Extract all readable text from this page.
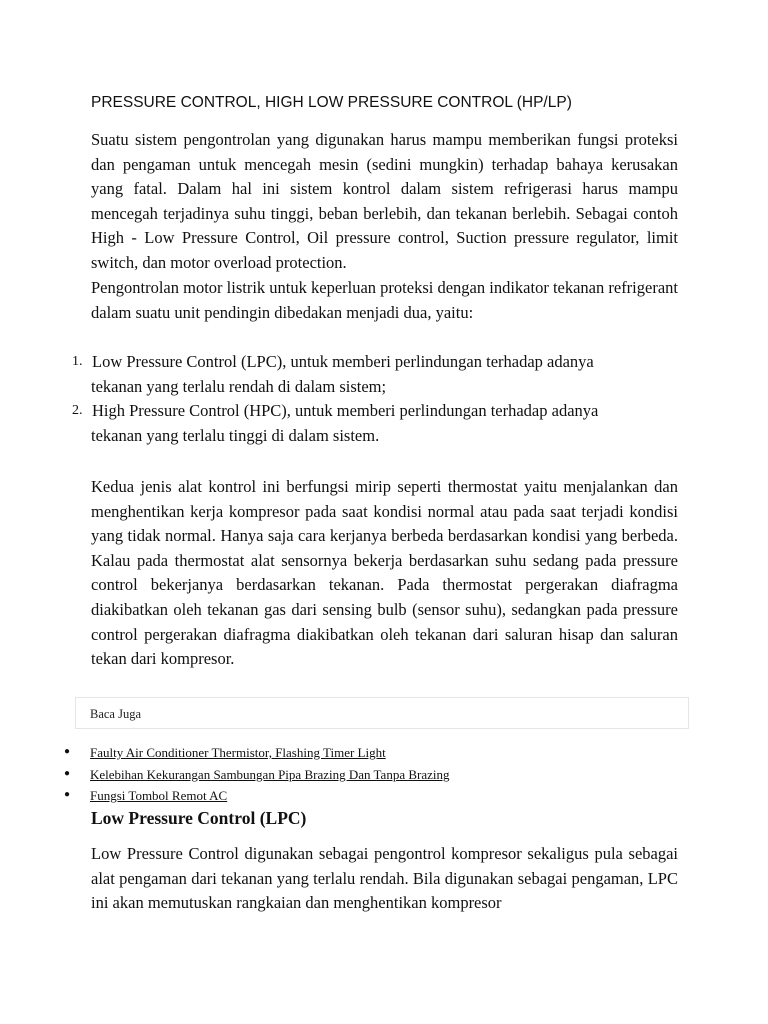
PRESSURE CONTROL, HIGH LOW PRESSURE CONTROL (HP/LP)

Suatu sistem pengontrolan yang digunakan harus mampu memberikan fungsi proteksi dan pengaman untuk mencegah mesin (sedini mungkin) terhadap bahaya kerusakan yang fatal. Dalam hal ini sistem kontrol dalam sistem refrigerasi harus mampu mencegah terjadinya suhu tinggi, beban berlebih, dan tekanan berlebih. Sebagai contoh High - Low Pressure Control, Oil pressure control, Suction pressure regulator, limit switch, dan motor overload protection.

Pengontrolan motor listrik untuk keperluan proteksi dengan indikator tekanan refrigerant dalam suatu unit pendingin dibedakan menjadi dua, yaitu:

1. Low Pressure Control (LPC), untuk memberi perlindungan terhadap adanya
tekanan yang terlalu rendah di dalam sistem;
2. High Pressure Control (HPC), untuk memberi perlindungan terhadap adanya
tekanan yang terlalu tinggi di dalam sistem.

Kedua jenis alat kontrol ini berfungsi mirip seperti thermostat yaitu menjalankan dan menghentikan kerja kompresor pada saat kondisi normal atau pada saat terjadi kondisi yang tidak normal. Hanya saja cara kerjanya berbeda berdasarkan kondisi yang berbeda. Kalau pada thermostat alat sensornya bekerja berdasarkan suhu sedang pada pressure control bekerjanya berdasarkan tekanan. Pada thermostat pergerakan diafragma diakibatkan oleh tekanan gas dari sensing bulb (sensor suhu), sedangkan pada pressure control pergerakan diafragma diakibatkan oleh tekanan dari saluran hisap dan saluran tekan dari kompresor.

Baca Juga
● Faulty Air Conditioner Thermistor, Flashing Timer Light
● Kelebihan Kekurangan Sambungan Pipa Brazing Dan Tanpa Brazing
● Fungsi Tombol Remot AC
Low Pressure Control (LPC)

Low Pressure Control digunakan sebagai pengontrol kompresor sekaligus pula sebagai alat pengaman dari tekanan yang terlalu rendah. Bila digunakan sebagai pengaman, LPC ini akan memutuskan rangkaian dan menghentikan kompresor
